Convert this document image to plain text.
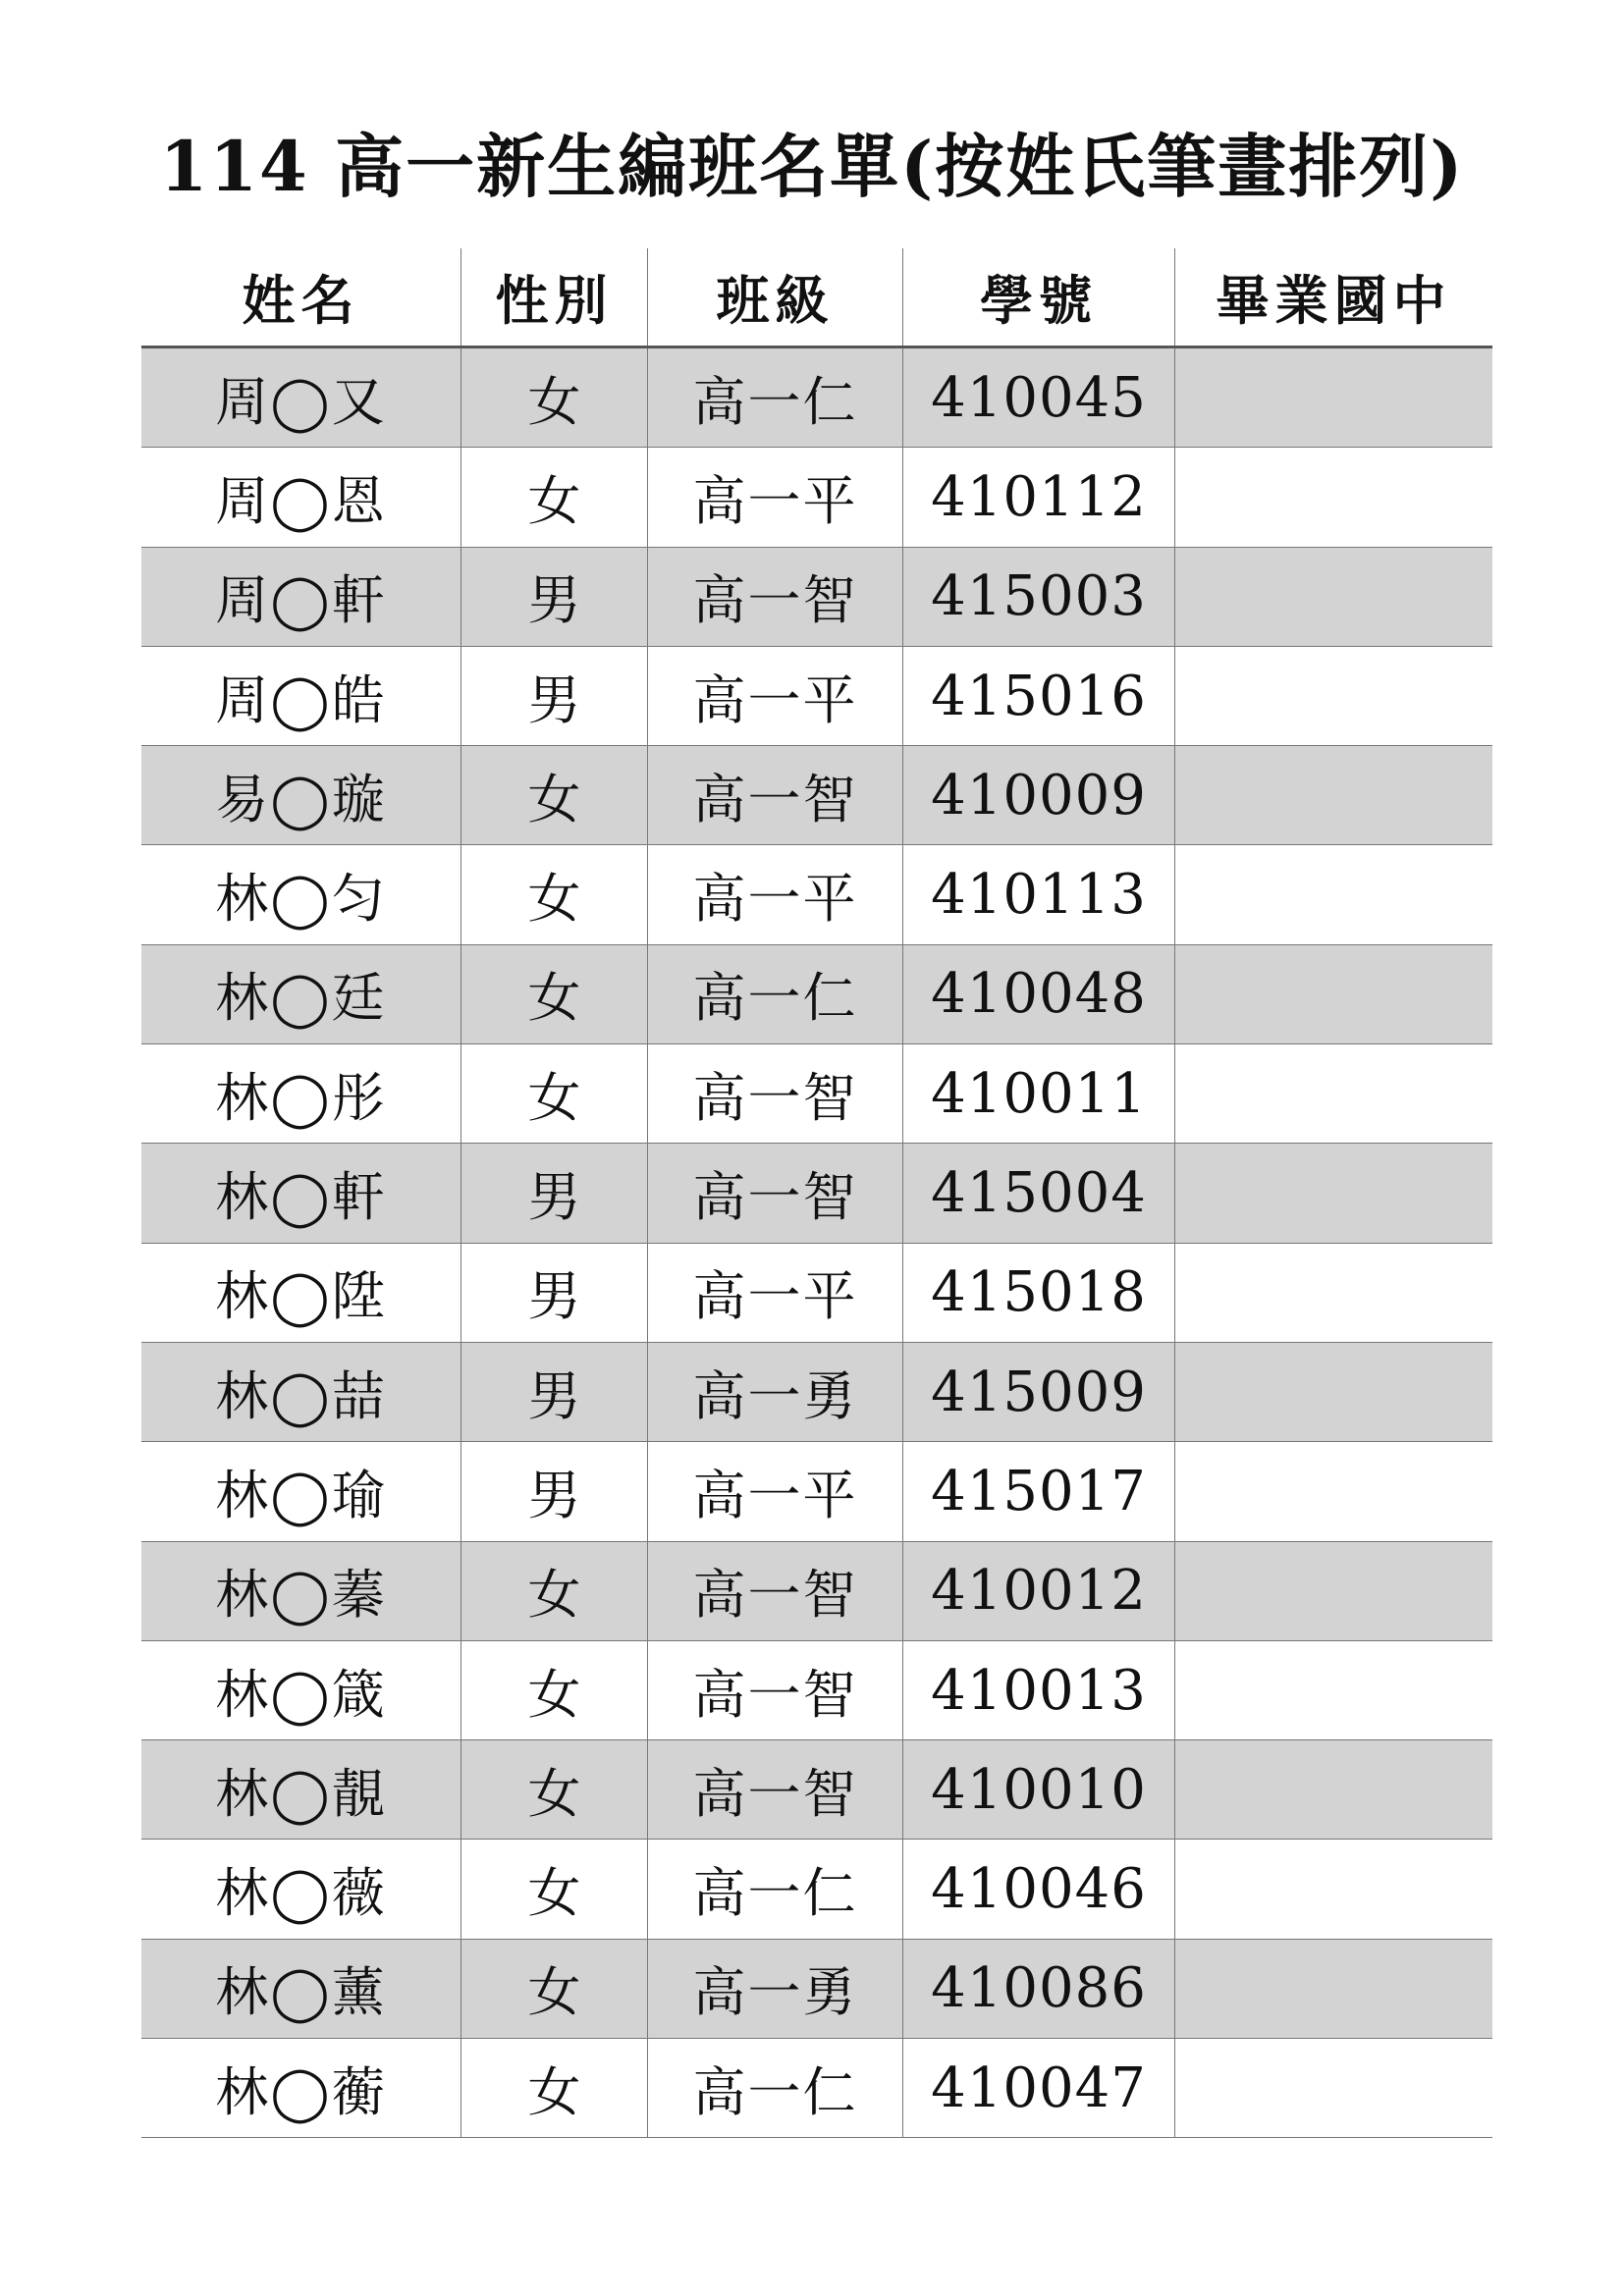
114 高一新生編班名單(按姓氏筆畫排列)
姓名	性別	班級	學號	畢業國中
周◯又	女	高一仁	410045
周◯恩	女	高一平	410112
周◯軒	男	高一智	415003
周◯皓	男	高一平	415016
易◯璇	女	高一智	410009
林◯匀	女	高一平	410113
林◯廷	女	高一仁	410048
林◯彤	女	高一智	410011
林◯軒	男	高一智	415004
林◯陞	男	高一平	415018
林◯喆	男	高一勇	415009
林◯瑜	男	高一平	415017
林◯蓁	女	高一智	410012
林◯箴	女	高一智	410013
林◯靚	女	高一智	410010
林◯薇	女	高一仁	410046
林◯薰	女	高一勇	410086
林◯蘅	女	高一仁	410047
